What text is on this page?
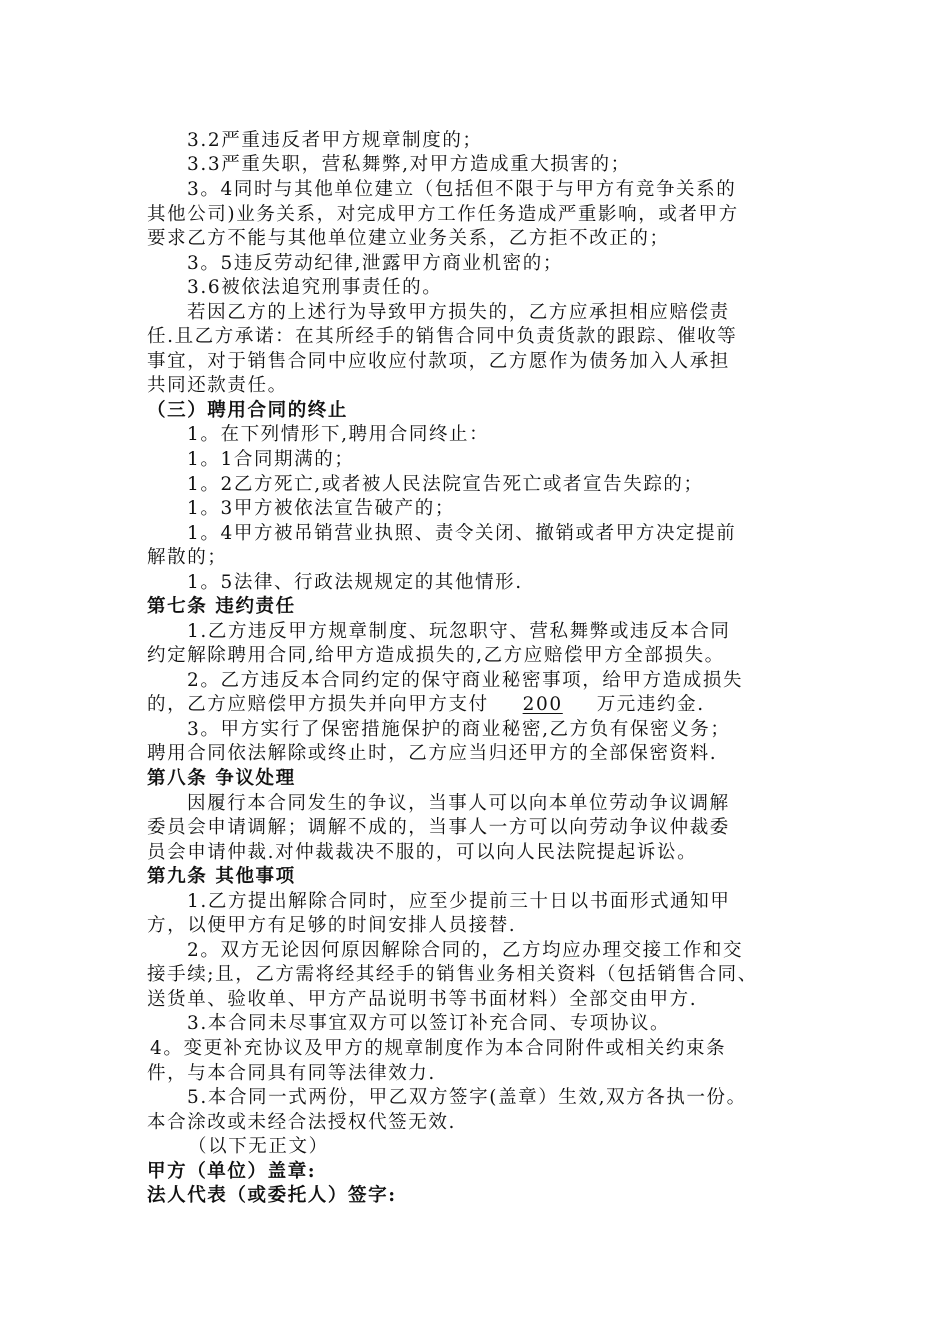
3.2严重违反者甲方规章制度的；
3.3严重失职，营私舞弊,对甲方造成重大损害的；
3。4同时与其他单位建立（包括但不限于与甲方有竞争关系的
其他公司)业务关系，对完成甲方工作任务造成严重影响，或者甲方
要求乙方不能与其他单位建立业务关系，乙方拒不改正的；
3。5违反劳动纪律,泄露甲方商业机密的；
3.6被依法追究刑事责任的。
若因乙方的上述行为导致甲方损失的，乙方应承担相应赔偿责
任.且乙方承诺：在其所经手的销售合同中负责货款的跟踪、催收等
事宜，对于销售合同中应收应付款项，乙方愿作为债务加入人承担
共同还款责任。
（三）聘用合同的终止
1。在下列情形下,聘用合同终止：
1。1合同期满的；
1。2乙方死亡,或者被人民法院宣告死亡或者宣告失踪的；
1。3甲方被依法宣告破产的；
1。4甲方被吊销营业执照、责令关闭、撤销或者甲方决定提前
解散的；
1。5法律、行政法规规定的其他情形.
第七条 违约责任
1.乙方违反甲方规章制度、玩忽职守、营私舞弊或违反本合同
约定解除聘用合同,给甲方造成损失的,乙方应赔偿甲方全部损失。
2。乙方违反本合同约定的保守商业秘密事项，给甲方造成损失
的，乙方应赔偿甲方损失并向甲方支付 200 万元违约金.
3。甲方实行了保密措施保护的商业秘密,乙方负有保密义务；
聘用合同依法解除或终止时，乙方应当归还甲方的全部保密资料.
第八条 争议处理
因履行本合同发生的争议，当事人可以向本单位劳动争议调解
委员会申请调解；调解不成的，当事人一方可以向劳动争议仲裁委
员会申请仲裁.对仲裁裁决不服的，可以向人民法院提起诉讼。
第九条 其他事项
1.乙方提出解除合同时，应至少提前三十日以书面形式通知甲
方，以便甲方有足够的时间安排人员接替.
2。双方无论因何原因解除合同的，乙方均应办理交接工作和交
接手续;且，乙方需将经其经手的销售业务相关资料（包括销售合同、
送货单、验收单、甲方产品说明书等书面材料）全部交由甲方.
3.本合同未尽事宜双方可以签订补充合同、专项协议。
4。变更补充协议及甲方的规章制度作为本合同附件或相关约束条
件，与本合同具有同等法律效力.
5.本合同一式两份，甲乙双方签字(盖章）生效,双方各执一份。
本合涂改或未经合法授权代签无效.
（以下无正文）
甲方（单位）盖章:
法人代表（或委托人）签字:
